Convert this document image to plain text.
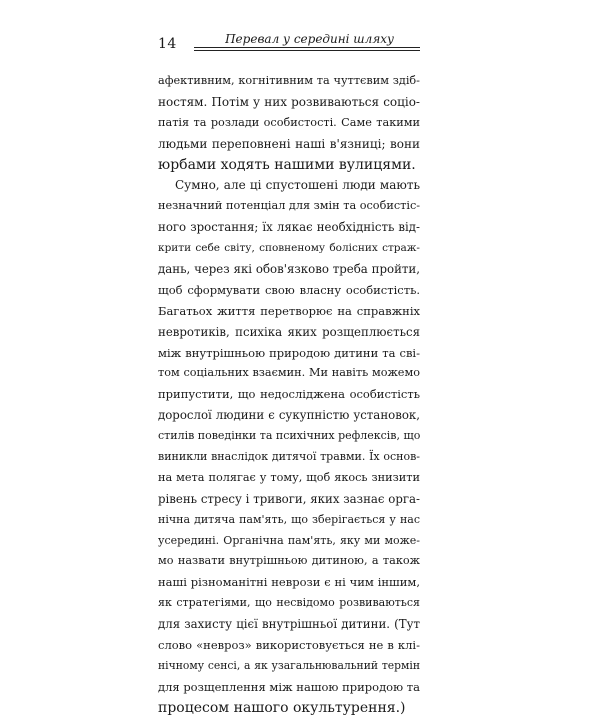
14	Перевал у середині шляху

афективним, когнітивним та чуттєвим здіб-
ностям. Потім у них розвиваються соціо-
патія та розлади особистості. Саме такими
людьми переповнені наші в'язниці; вони
юрбами ходять нашими вулицями.

Сумно, але ці спустошені люди мають
незначний потенціал для змін та особистіс-
ного зростання; їх лякає необхідність від-
крити себе світу, сповненому болісних страж-
дань, через які обов'язково треба пройти,
щоб сформувати свою власну особистість.
Багатьох життя перетворює на справжніх
невротиків, психіка яких розщеплюється
між внутрішньою природою дитини та сві-
том соціальних взаємин. Ми навіть можемо
припустити, що недосліджена особистість
дорослої людини є сукупністю установок,
стилів поведінки та психічних рефлексів, що
виникли внаслідок дитячої травми. Їх основ-
на мета полягає у тому, щоб якось знизити
рівень стресу і тривоги, яких зазнає орга-
нічна дитяча пам'ять, що зберігається у нас
усередині. Органічна пам'ять, яку ми може-
мо назвати внутрішньою дитиною, а також
наші різноманітні неврози є ні чим іншим,
як стратегіями, що несвідомо розвиваються
для захисту цієї внутрішньої дитини. (Тут
слово «невроз» використовується не в клі-
нічному сенсі, а як узагальнювальний термін
для розщеплення між нашою природою та
процесом нашого окультурення.)
